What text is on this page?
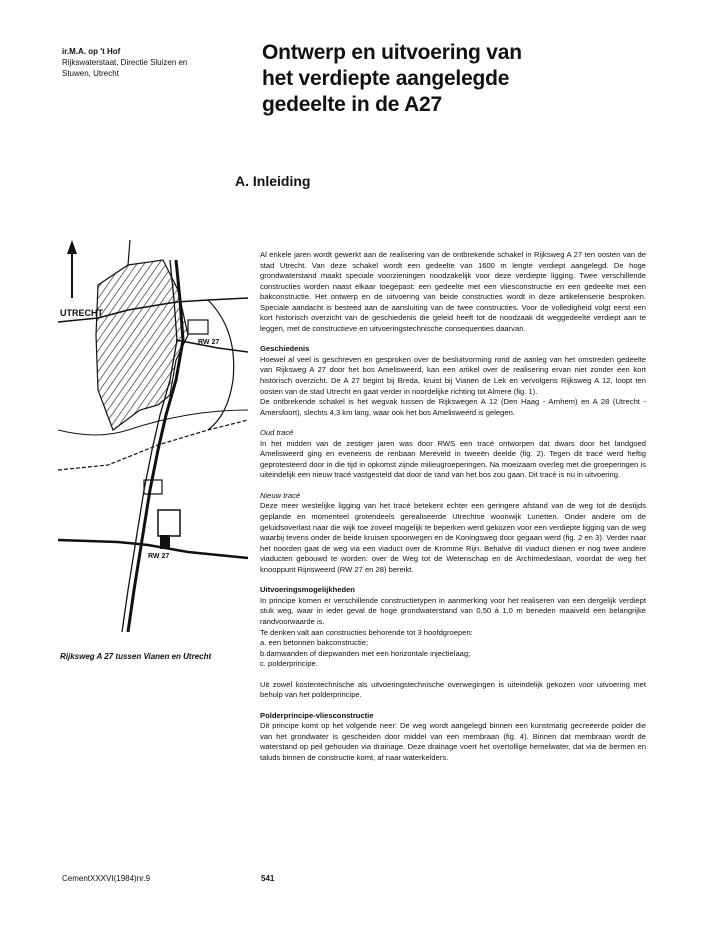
ir.M.A. op 't Hof
Rijkswaterstaat, Directie Sluizen en
Stuwen, Utrecht
Ontwerp en uitvoering van
het verdiepte aangelegde
gedeelte in de A27
A. Inleiding
UTRECHT
RW 27
RW 27
Rijksweg A 27 tussen Vianen en Utrecht

Al enkele jaren wordt gewerkt aan de realisering van de ontbrekende schakel in Rijksweg A 27 ten oosten van de stad Utrecht. Van deze schakel wordt een gedeelte van 1600 m lengte verdiept aangelegd. De hoge grondwaterstand maakt speciale voorzieningen noodzakelijk voor deze verdiepte ligging. Twee verschillende constructies worden naast elkaar toegepast: een gedeelte met een vliesconstructie en een gedeelte met een bakconstructie. Het ontwerp en de uitvoering van beide constructies wordt in deze artikelenserie besproken. Speciale aandacht is besteed aan de aansluiting van de twee constructies. Voor de volledigheid volgt eerst een kort historisch overzicht van de geschiedenis die geleid heeft tot de noodzaak dit weggedeelte verdiept aan te leggen, met de constructieve en uitvoeringstechnische consequenties daarvan.

Geschiedenis

Hoewel al veel is geschreven en gesproken over de besluitvorming rond de aanleg van het omstreden gedeelte van Rijksweg A 27 door het bos Amelisweerd, kan een artikel over de realisering ervan niet zonder een kort historisch overzicht. De A 27 begint bij Breda, kruist bij Vianen de Lek en vervolgens Rijksweg A 12, loopt ten oosten van de stad Utrecht en gaat verder in noordelijke richting tot Almere (fig. 1).

De ontbrekende schakel is het wegvak tussen de Rijkswegen A 12 (Den Haag - Arnhem) en A 28 (Utrecht -Amersfoort), slechts 4,3 km lang, waar ook het bos Amelisweerd is gelegen.

Oud tracé

In het midden van de zestiger jaren was door RWS een tracé ontworpen dat dwars door het landgoed Amelisweerd ging en eveneens de renbaan Mereveld in tweeën deelde (fig. 2). Tegen dit tracé werd heftig geprotesteerd door in die tijd in opkomst zijnde milieugroeperingen. Na moeizaam overleg met die groeperingen is uiteindelijk een nieuw tracé vastgesteld dat door de rand van het bos zou gaan. Dit tracé is nu in uitvoering.

Nieuw tracé

Deze meer westelijke ligging van het tracé betekent echter een geringere afstand van de weg tot de destijds geplande en momenteel grotendeels gerealiseerde Utrechtse woonwijk Lunetten. Onder andere om de geluidsoverlast naar die wijk toe zoveel mogelijk te beperken werd gekozen voor een verdiepte ligging van de weg waarbij tevens onder de beide kruisen spoorwegen en de Koningsweg door gegaan werd (fig. 2 en 3). Verder naar het noorden gaat de weg via een viaduct over de Kromme Rijn. Behalve dit viaduct dienen er nog twee andere viaducten gebouwd te worden: over de Weg tot de Wetenschap en de Archimedeslaan, voordat de weg het knooppunt Rijnsweerd (RW 27 en 28) bereikt.

Uitvoeringsmogelijkheden

In principe komen er verschillende constructietypen in aanmerking voor het realiseren van een dergelijk verdiept stuk weg, waar in ieder geval de hoge grondwaterstand van 0,50 à 1,0 m beneden maaiveld een belangrijke randvoorwaarde is.

Te denken valt aan constructies behorende tot 3 hoofdgroepen:

a. een betonnen bakconstructie;

b.damwanden of diepwanden met een horizontale injectielaag;

c. polderprincipe.

Uit zowel kostentechnische als uitvoeringstechnische overwegingen is uiteindelijk gekozen voor uitvoering met behulp van het polderprincipe.

Polderprincipe-vliesconstructie

Dit principe komt op het volgende neer: De weg wordt aangelegd binnen een kunstmatig gecreëerde polder die van het grondwater is gescheiden door middel van een membraan (fig. 4). Binnen dat membraan wordt de waterstand op peil gehouden via drainage. Deze drainage voert het overtollige hemelwater, dat via de bermen en taluds binnen de constructie komt, af naar waterkelders.

CementXXXVI(1984)nr.9	541
